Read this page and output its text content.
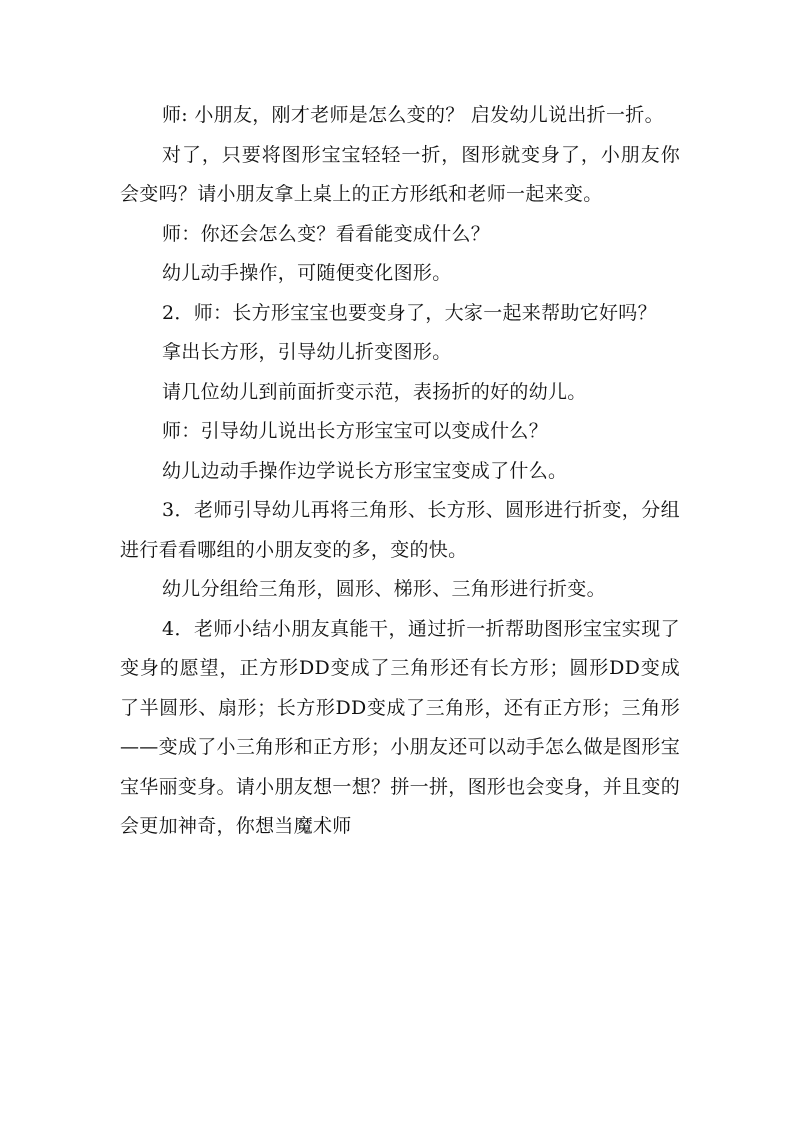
师: 小朋友，刚才老师是怎么变的？ 启发幼儿说出折一折。

对了，只要将图形宝宝轻轻一折，图形就变身了，小朋友你会变吗？请小朋友拿上桌上的正方形纸和老师一起来变。

师：你还会怎么变？看看能变成什么？

幼儿动手操作，可随便变化图形。

2．师：长方形宝宝也要变身了，大家一起来帮助它好吗？

拿出长方形，引导幼儿折变图形。

请几位幼儿到前面折变示范，表扬折的好的幼儿。

师：引导幼儿说出长方形宝宝可以变成什么？

幼儿边动手操作边学说长方形宝宝变成了什么。

3．老师引导幼儿再将三角形、长方形、圆形进行折变，分组进行看看哪组的小朋友变的多，变的快。

幼儿分组给三角形，圆形、梯形、三角形进行折变。

4．老师小结小朋友真能干，通过折一折帮助图形宝宝实现了变身的愿望，正方形DD变成了三角形还有长方形；圆形DD变成了半圆形、扇形；长方形DD变成了三角形，还有正方形；三角形——变成了小三角形和正方形；小朋友还可以动手怎么做是图形宝宝华丽变身。请小朋友想一想？拼一拼，图形也会变身，并且变的会更加神奇，你想当魔术师
